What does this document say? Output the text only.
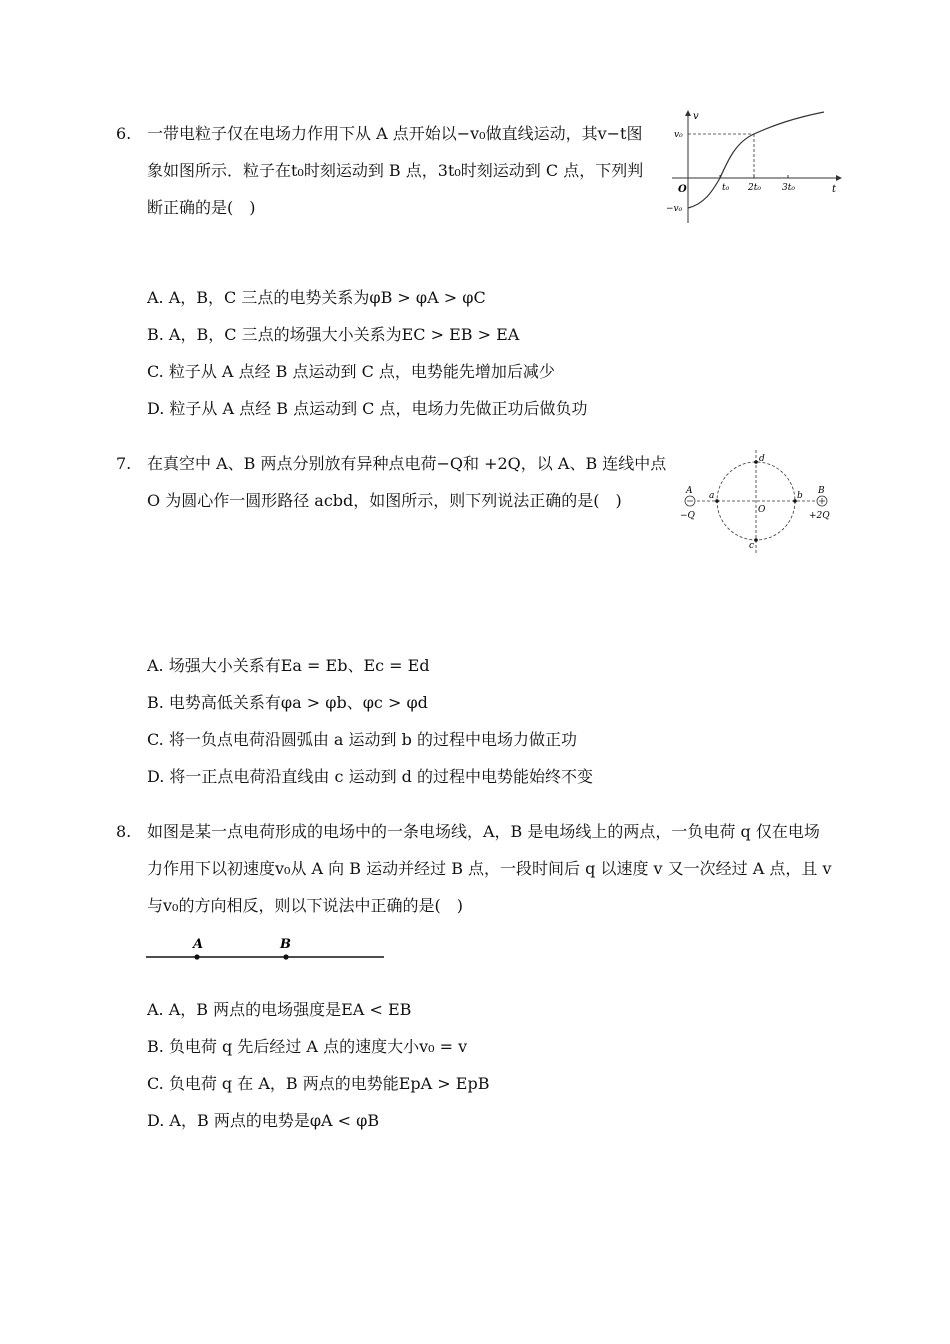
6. 一带电粒子仅在电场力作用下从 A 点开始以−v₀做直线运动，其v−t图
象如图所示．粒子在t₀时刻运动到 B 点，3t₀时刻运动到 C 点，下列判
断正确的是(　)
v
t
O
v₀
−v₀
t₀ 2t₀ 3t₀
A. A，B，C 三点的电势关系为φB > φA > φC
B. A，B，C 三点的场强大小关系为EC > EB > EA
C. 粒子从 A 点经 B 点运动到 C 点，电势能先增加后减少
D. 粒子从 A 点经 B 点运动到 C 点，电场力先做正功后做负功
7. 在真空中 A、B 两点分别放有异种点电荷−Q和 +2Q，以 A、B 连线中点
O 为圆心作一圆形路径 acbd，如图所示，则下列说法正确的是(　)	A	B
−Q	+2Q
a	b
c
d
O
A. 场强大小关系有Ea = Eb、Ec = Ed
B. 电势高低关系有φa > φb、φc > φd
C. 将一负点电荷沿圆弧由 a 运动到 b 的过程中电场力做正功
D. 将一正点电荷沿直线由 c 运动到 d 的过程中电势能始终不变
8. 如图是某一点电荷形成的电场中的一条电场线，A，B 是电场线上的两点，一负电荷 q 仅在电场
力作用下以初速度v₀从 A 向 B 运动并经过 B 点，一段时间后 q 以速度 v 又一次经过 A 点，且 v
与v₀的方向相反，则以下说法中正确的是(　)
A	B
A. A，B 两点的电场强度是EA < EB
B. 负电荷 q 先后经过 A 点的速度大小v₀ = v
C. 负电荷 q 在 A，B 两点的电势能EpA > EpB
D. A，B 两点的电势是φA < φB
